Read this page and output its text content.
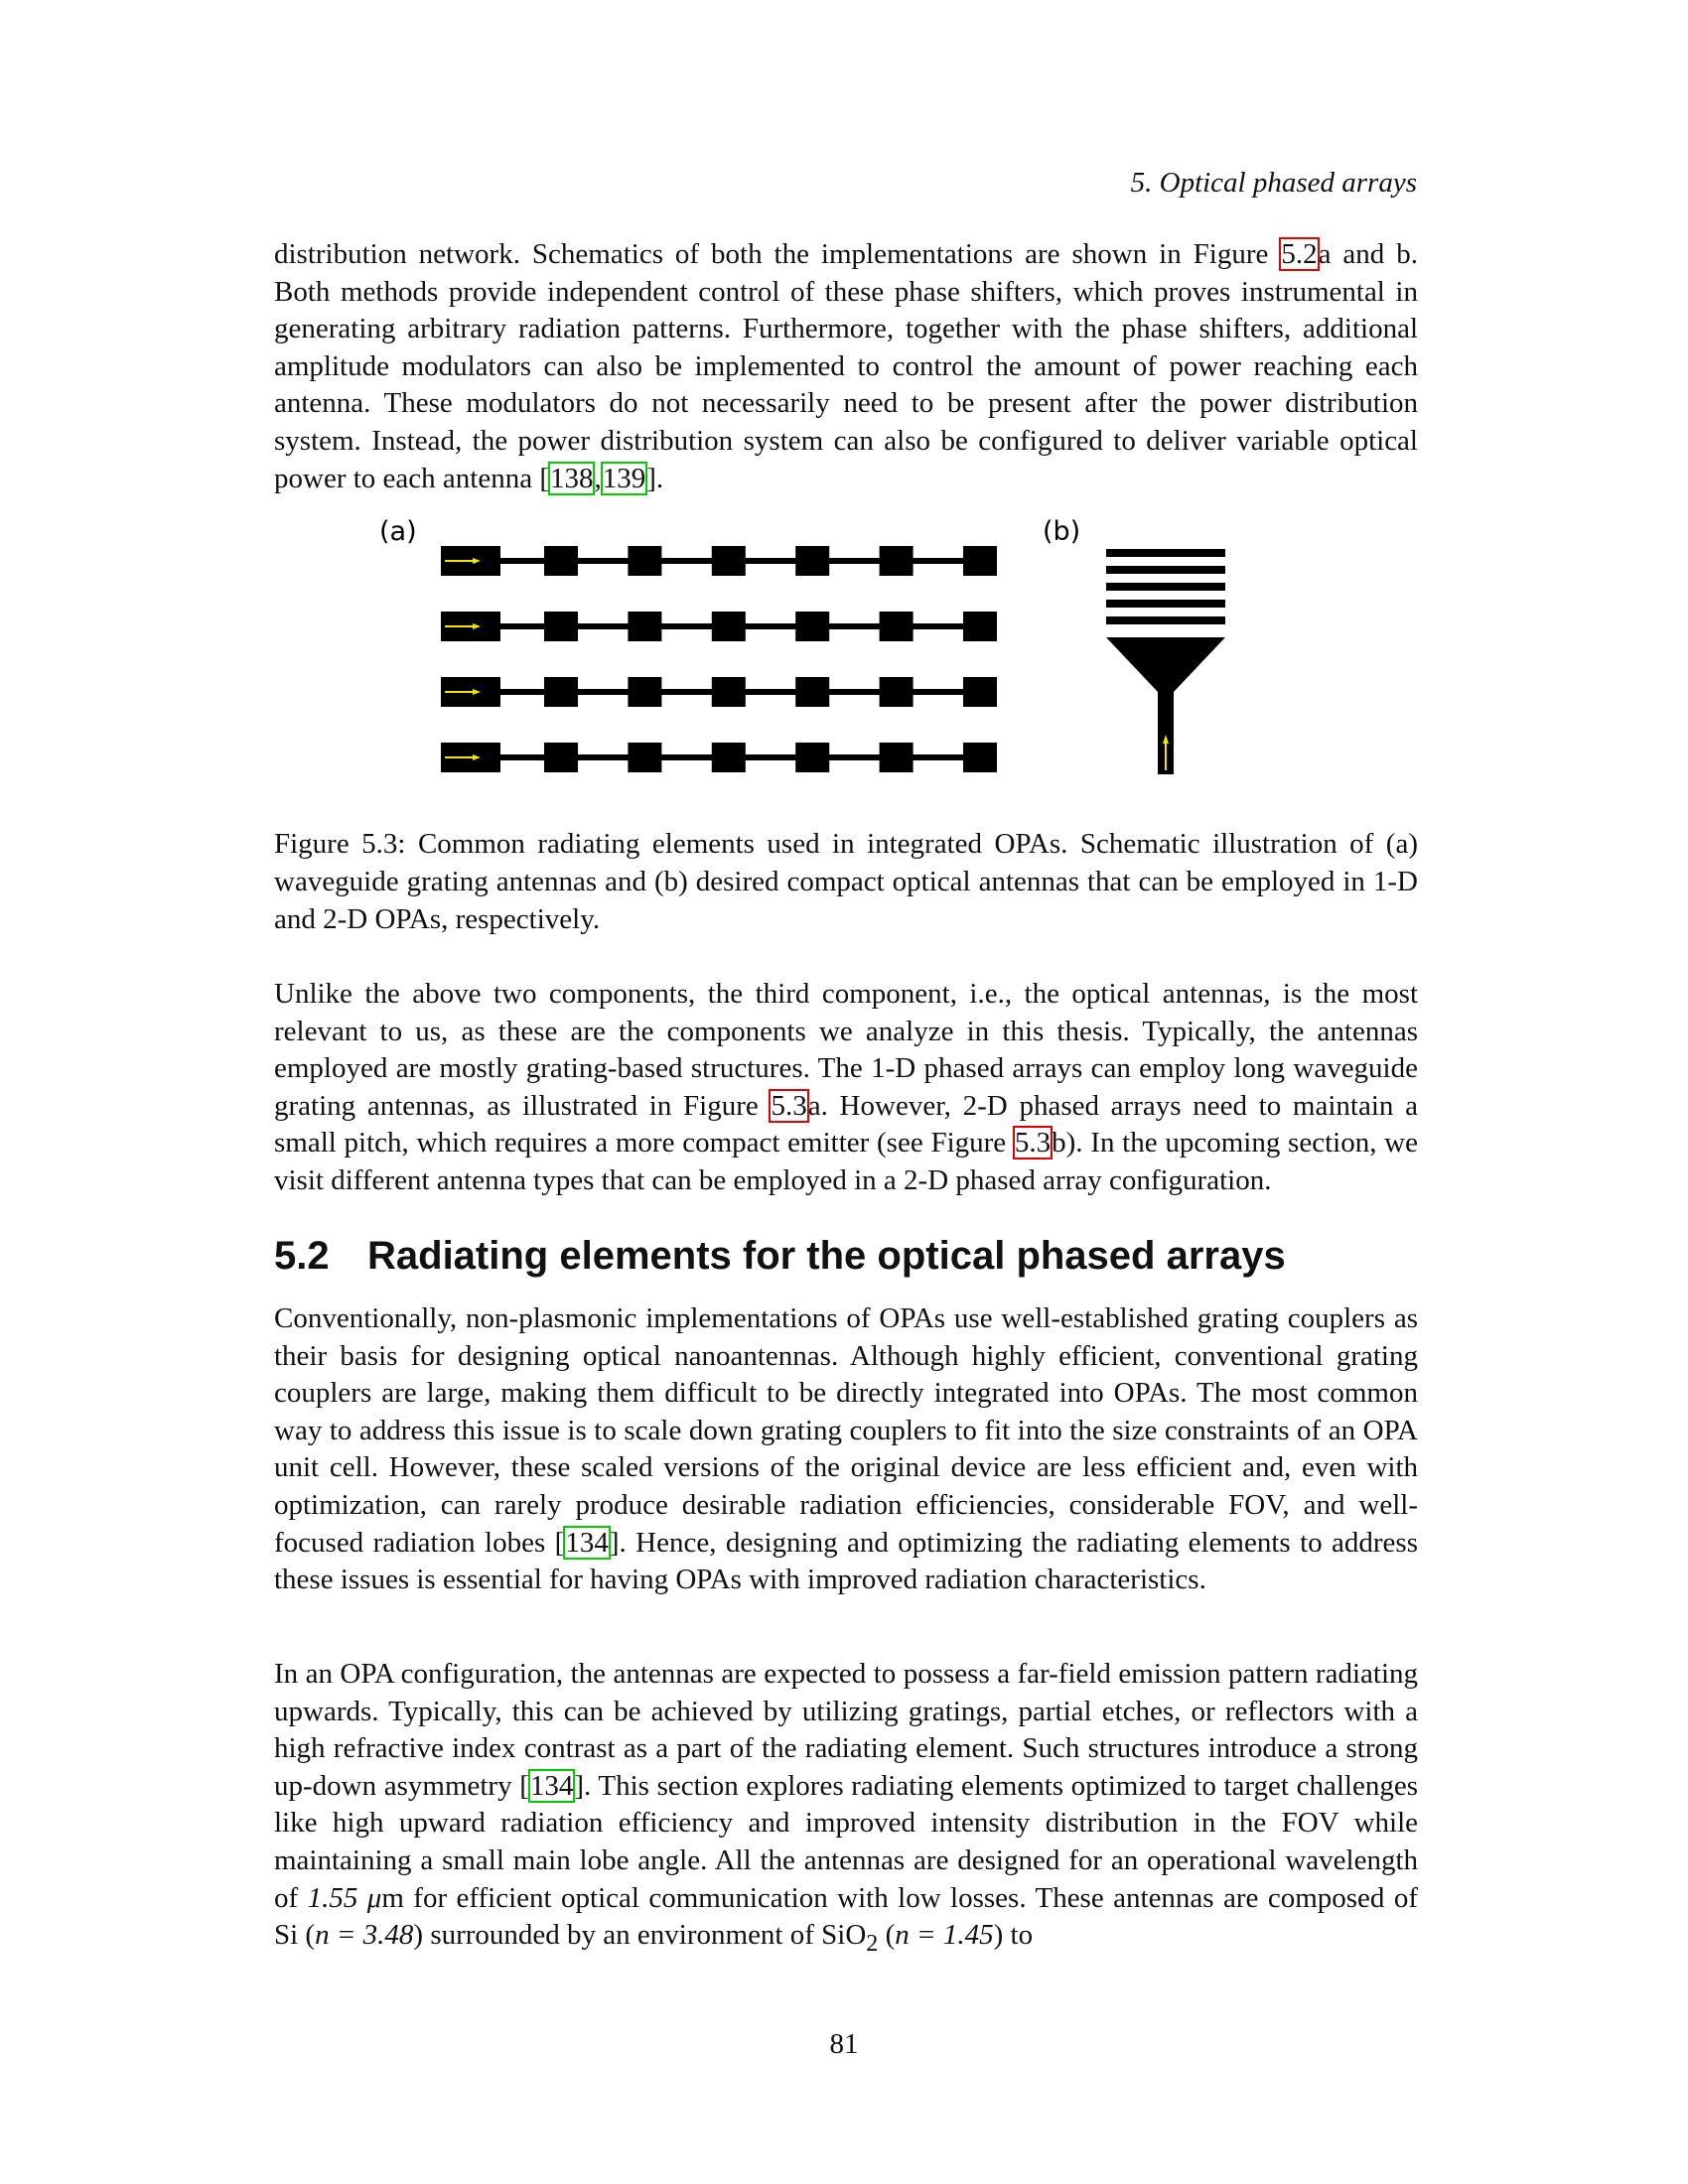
5. Optical phased arrays
distribution network. Schematics of both the implementations are shown in Figure 5.2a and b. Both methods provide independent control of these phase shifters, which proves instrumental in generating arbitrary radiation patterns. Furthermore, together with the phase shifters, additional amplitude modulators can also be implemented to control the amount of power reaching each antenna. These modulators do not necessarily need to be present after the power distribution system. Instead, the power distribution system can also be configured to deliver variable optical power to each antenna [138,139].
(a)	(b)
Figure 5.3: Common radiating elements used in integrated OPAs. Schematic illustration of (a) waveguide grating antennas and (b) desired compact optical antennas that can be employed in 1-D and 2-D OPAs, respectively.
Unlike the above two components, the third component, i.e., the optical antennas, is the most relevant to us, as these are the components we analyze in this thesis. Typically, the antennas employed are mostly grating-based structures. The 1-D phased arrays can employ long waveguide grating antennas, as illustrated in Figure 5.3a. However, 2-D phased arrays need to maintain a small pitch, which requires a more compact emitter (see Figure 5.3b). In the upcoming section, we visit different antenna types that can be employed in a 2-D phased array configuration.
5.2 Radiating elements for the optical phased arrays
Conventionally, non-plasmonic implementations of OPAs use well-established grating couplers as their basis for designing optical nanoantennas. Although highly efficient, conventional grating couplers are large, making them difficult to be directly integrated into OPAs. The most common way to address this issue is to scale down grating couplers to fit into the size constraints of an OPA unit cell. However, these scaled versions of the original device are less efficient and, even with optimization, can rarely produce desirable radiation efficiencies, considerable FOV, and well-focused radiation lobes [134]. Hence, designing and optimizing the radiating elements to address these issues is essential for having OPAs with improved radiation characteristics.
In an OPA configuration, the antennas are expected to possess a far-field emission pattern radiating upwards. Typically, this can be achieved by utilizing gratings, partial etches, or reflectors with a high refractive index contrast as a part of the radiating element. Such structures introduce a strong up-down asymmetry [134]. This section explores radiating elements optimized to target challenges like high upward radiation efficiency and improved intensity distribution in the FOV while maintaining a small main lobe angle. All the antennas are designed for an operational wavelength of 1.55 μm for efficient optical communication with low losses. These antennas are composed of Si (n = 3.48) surrounded by an environment of SiO$_2$ (n = 1.45) to
81
